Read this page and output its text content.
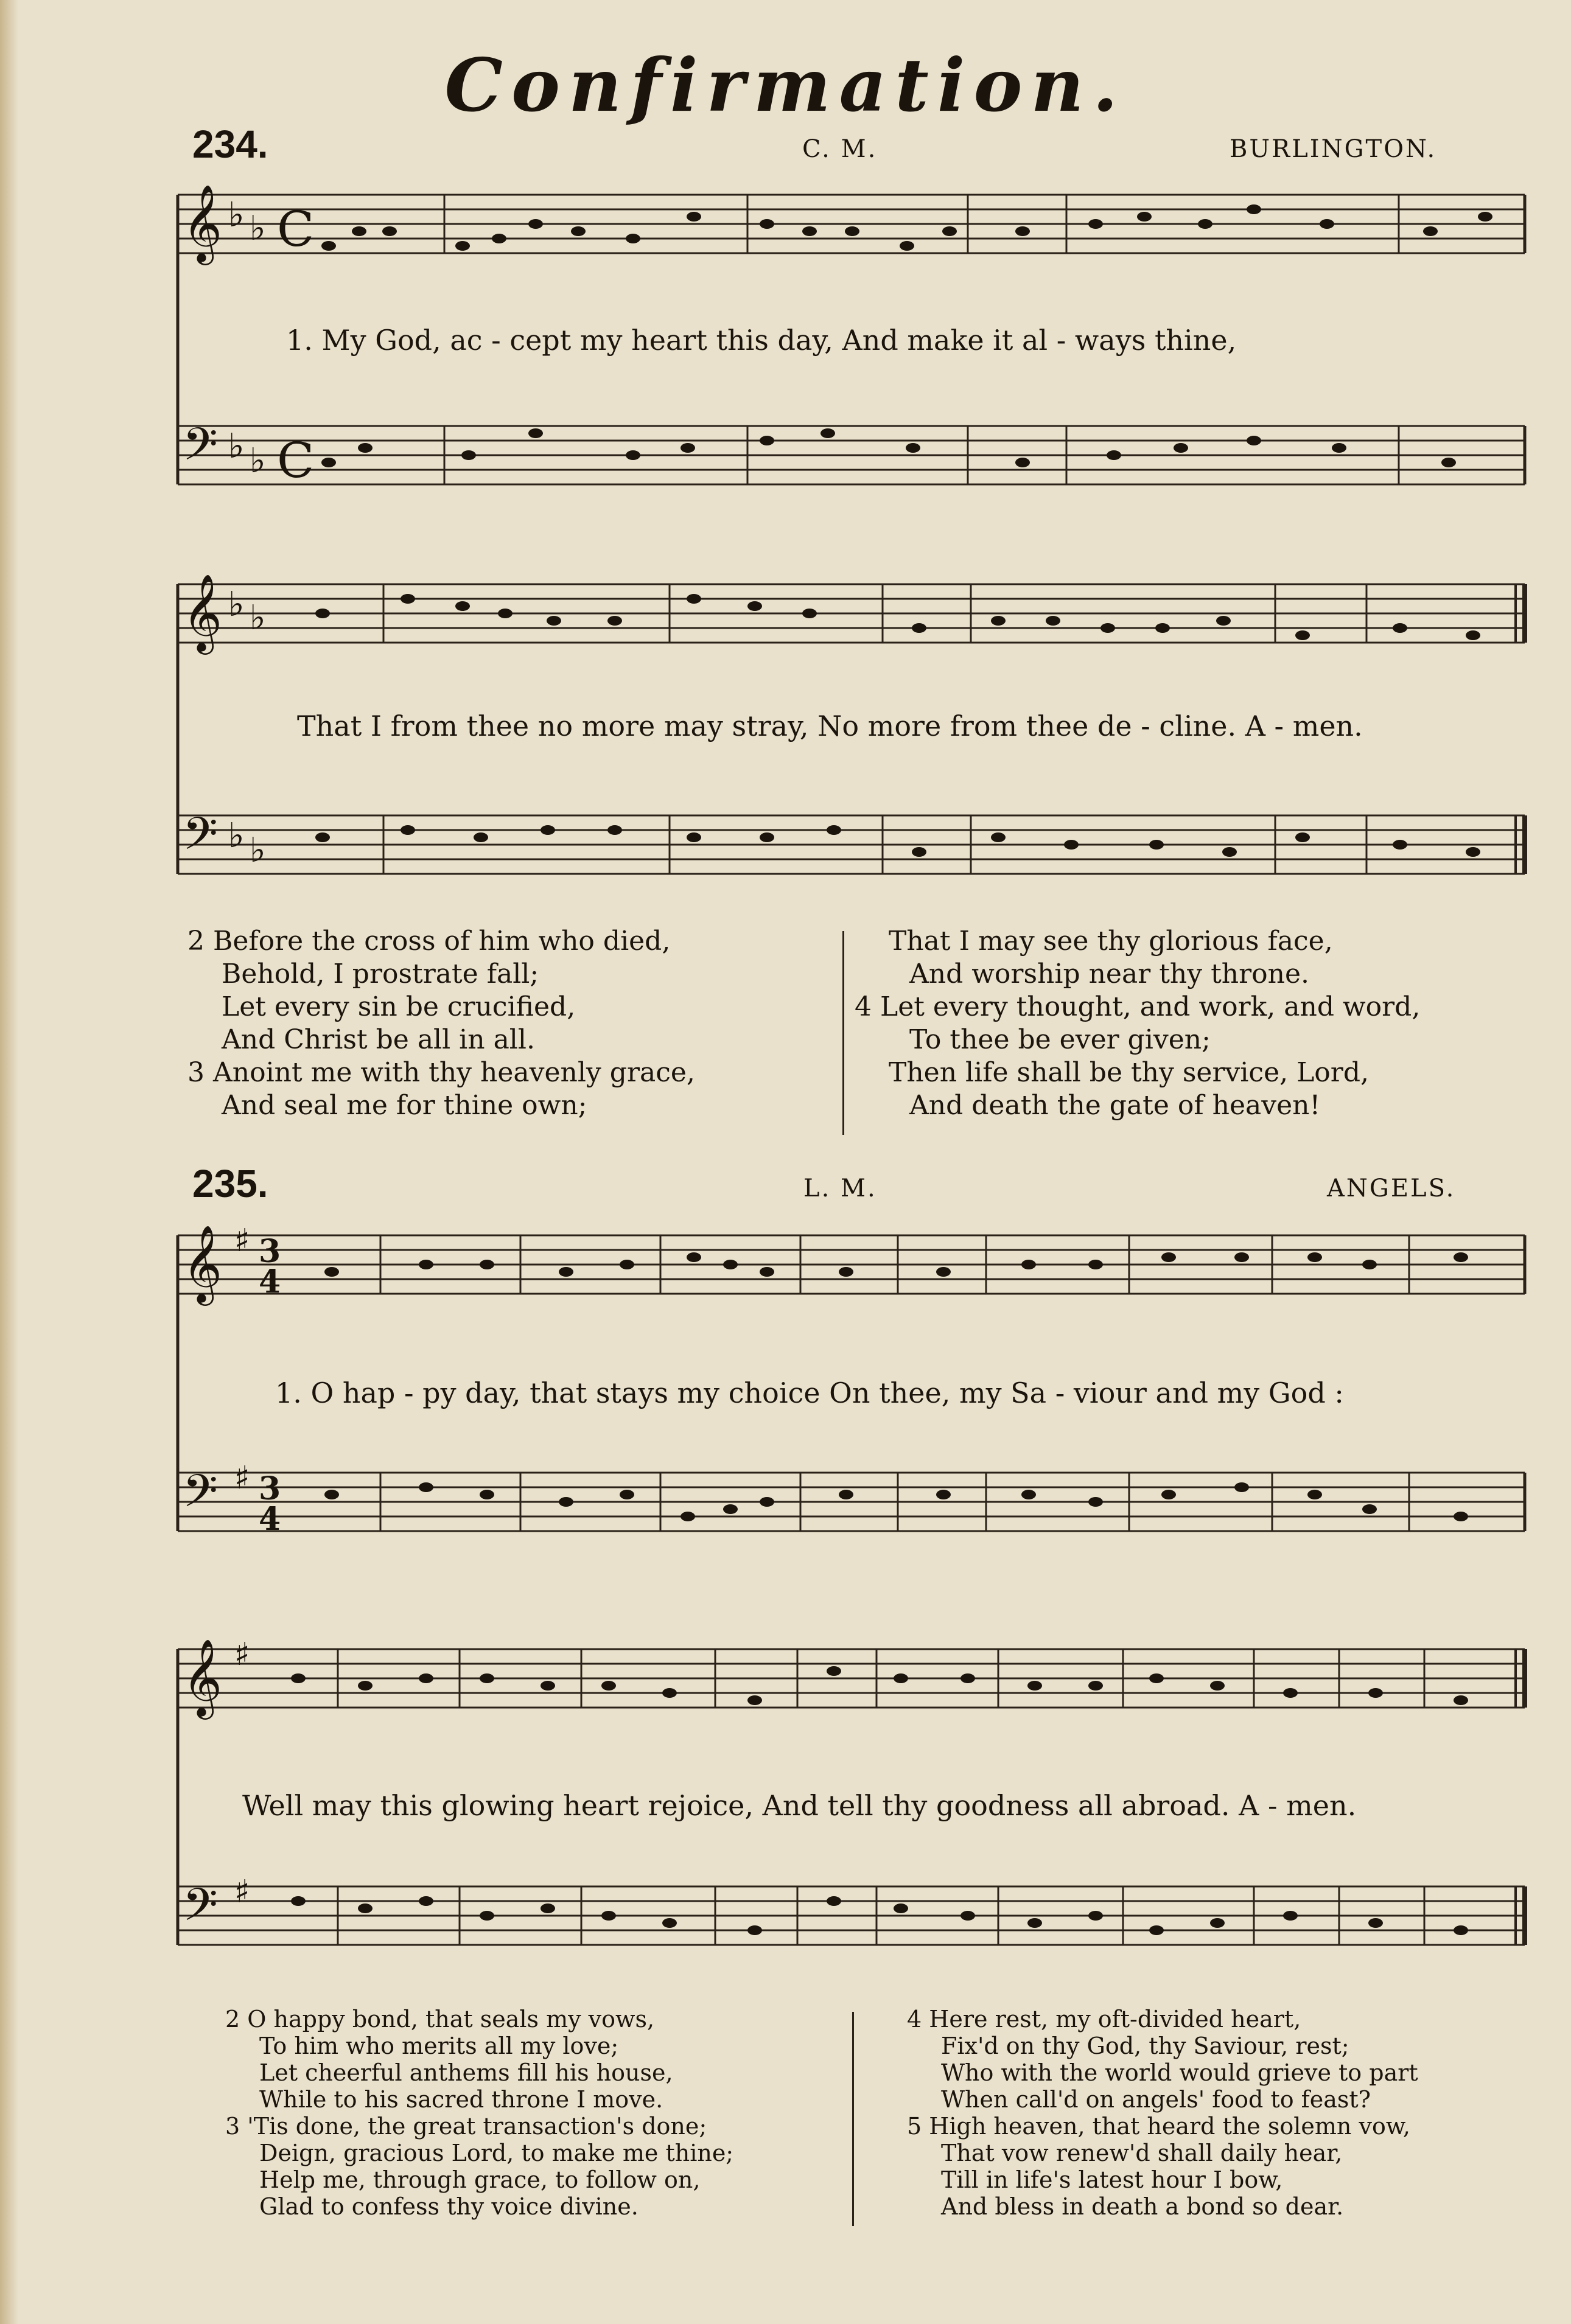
Confirmation.
234.	C. M.	BURLINGTON.
𝄞
𝄢
♭ ♭
♭ ♭
C
C
1. My God, ac - cept my heart this day, And make it al - ways thine,
𝄞
𝄢
♭ ♭
♭ ♭
That I from thee no more may stray, No more from thee de - cline. A - men.
2 Before the cross of him who died,
Behold, I prostrate fall;
Let every sin be crucified,
And Christ be all in all.
3 Anoint me with thy heavenly grace,
And seal me for thine own;
That I may see thy glorious face,
And worship near thy throne.
4 Let every thought, and work, and word,
To thee be ever given;
Then life shall be thy service, Lord,
And death the gate of heaven!
235.	L. M.	ANGELS.
𝄞
𝄢
♯
♯
3
4
3
4
1. O hap - py day, that stays my choice On thee, my Sa - viour and my God :
𝄞
𝄢
♯
♯
Well may this glowing heart rejoice, And tell thy goodness all abroad. A - men.
2 O happy bond, that seals my vows,
To him who merits all my love;
Let cheerful anthems fill his house,
While to his sacred throne I move.
3 'Tis done, the great transaction's done;
Deign, gracious Lord, to make me thine;
Help me, through grace, to follow on,
Glad to confess thy voice divine.
4 Here rest, my oft-divided heart,
Fix'd on thy God, thy Saviour, rest;
Who with the world would grieve to part
When call'd on angels' food to feast?
5 High heaven, that heard the solemn vow,
That vow renew'd shall daily hear,
Till in life's latest hour I bow,
And bless in death a bond so dear.
